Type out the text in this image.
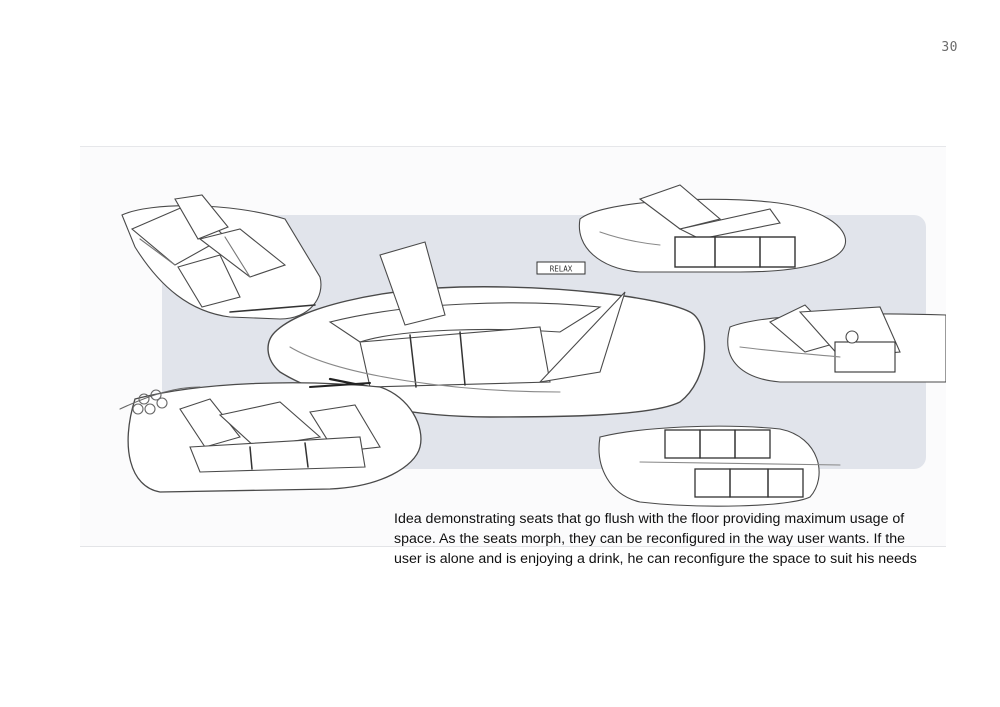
30
RELAX

Idea demonstrating seats that go flush with the floor providing maximum usage of
space. As the seats morph, they can be reconfigured in the way user wants. If the
user is alone and is enjoying a drink, he can reconfigure the space to suit his needs
